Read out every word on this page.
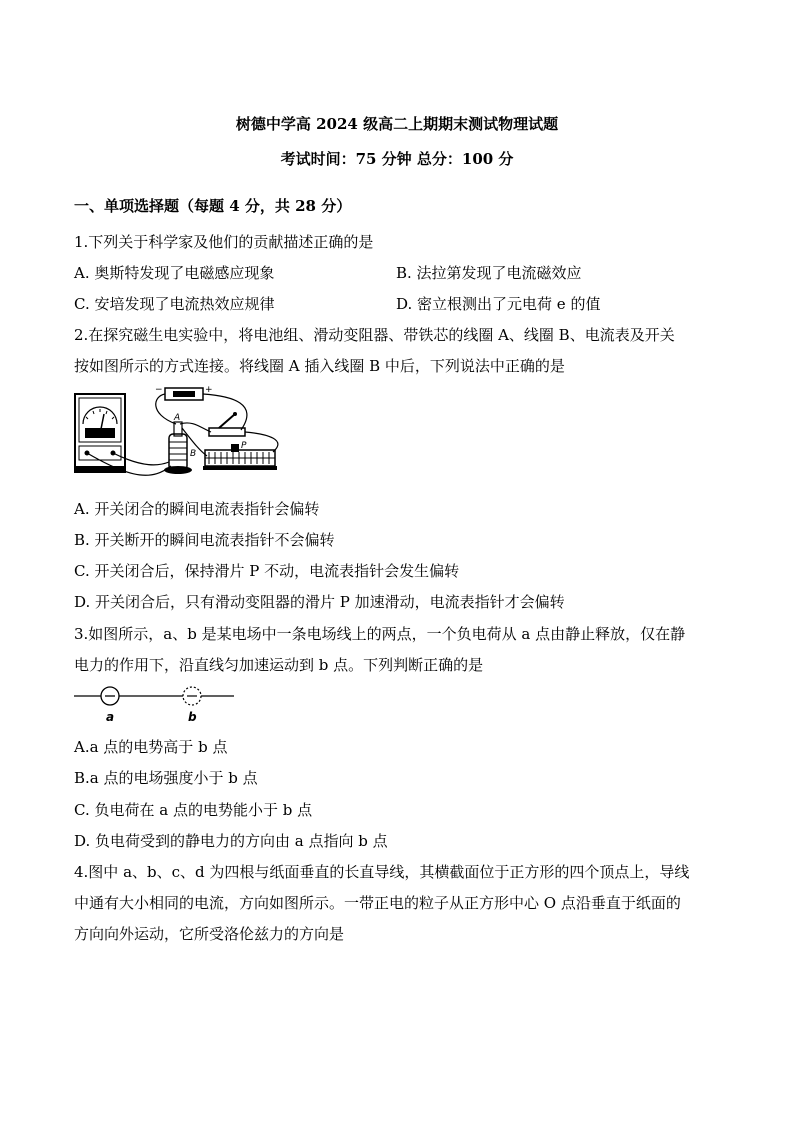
树德中学高 2024 级高二上期期末测试物理试题
考试时间：75 分钟 总分：100 分
一、单项选择题（每题 4 分，共 28 分）
1.下列关于科学家及他们的贡献描述正确的是
A. 奥斯特发现了电磁感应现象	B. 法拉第发现了电流磁效应
C. 安培发现了电流热效应规律	D. 密立根测出了元电荷 e 的值
2.在探究磁生电实验中，将电池组、滑动变阻器、带铁芯的线圈 A、线圈 B、电流表及开关
按如图所示的方式连接。将线圈 A 插入线圈 B 中后，下列说法中正确的是
−	+
A
B
P
A. 开关闭合的瞬间电流表指针会偏转
B. 开关断开的瞬间电流表指针不会偏转
C. 开关闭合后，保持滑片 P 不动，电流表指针会发生偏转
D. 开关闭合后，只有滑动变阻器的滑片 P 加速滑动，电流表指针才会偏转
3.如图所示，a、b 是某电场中一条电场线上的两点，一个负电荷从 a 点由静止释放，仅在静
电力的作用下，沿直线匀加速运动到 b 点。下列判断正确的是
a	b
A.a 点的电势高于 b 点
B.a 点的电场强度小于 b 点
C. 负电荷在 a 点的电势能小于 b 点
D. 负电荷受到的静电力的方向由 a 点指向 b 点
4.图中 a、b、c、d 为四根与纸面垂直的长直导线，其横截面位于正方形的四个顶点上，导线
中通有大小相同的电流，方向如图所示。一带正电的粒子从正方形中心 O 点沿垂直于纸面的
方向向外运动，它所受洛伦兹力的方向是
